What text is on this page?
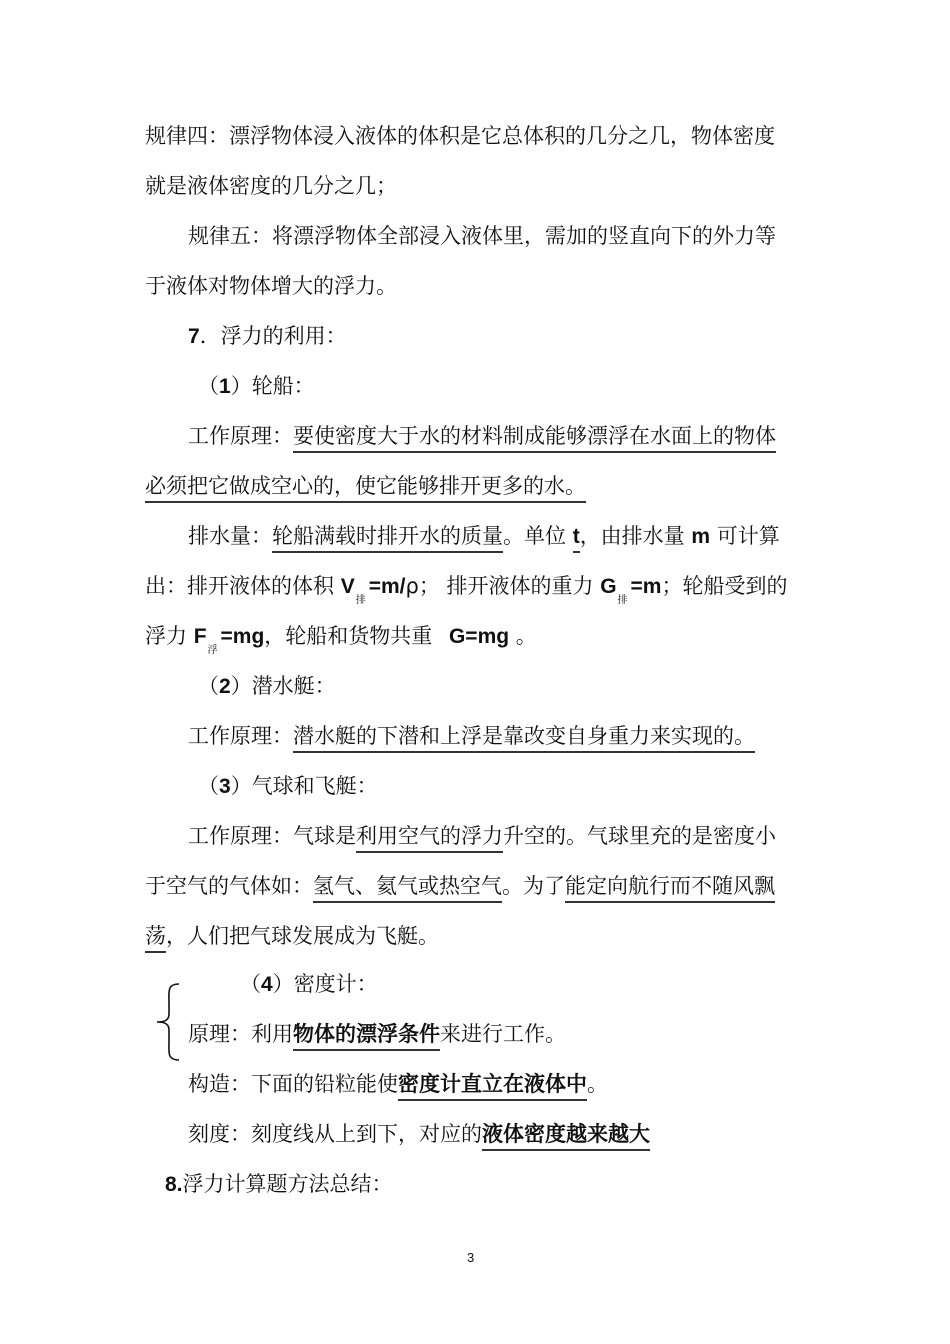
规律四：漂浮物体浸入液体的体积是它总体积的几分之几，物体密度
就是液体密度的几分之几；
规律五：将漂浮物体全部浸入液体里，需加的竖直向下的外力等
于液体对物体增大的浮力。
7．浮力的利用：
（1）轮船：
工作原理：要使密度大于水的材料制成能够漂浮在水面上的物体
必须把它做成空心的，使它能够排开更多的水。
排水量：轮船满载时排开水的质量。单位 t，由排水量 m 可计算
出：排开液体的体积 $V_排=m/\rho$； 排开液体的重力 $G_排=m$；轮船受到的
浮力 $F_浮=mg$，轮船和货物共重 G=mg 。
（2）潜水艇：
工作原理：潜水艇的下潜和上浮是靠改变自身重力来实现的。
（3）气球和飞艇：
工作原理：气球是利用空气的浮力升空的。气球里充的是密度小
于空气的气体如：氢气、氦气或热空气。为了能定向航行而不随风飘
荡，人们把气球发展成为飞艇。
（4）密度计：
原理：利用物体的漂浮条件来进行工作。
构造：下面的铅粒能使密度计直立在液体中。
刻度：刻度线从上到下，对应的液体密度越来越大
8.浮力计算题方法总结：
3
